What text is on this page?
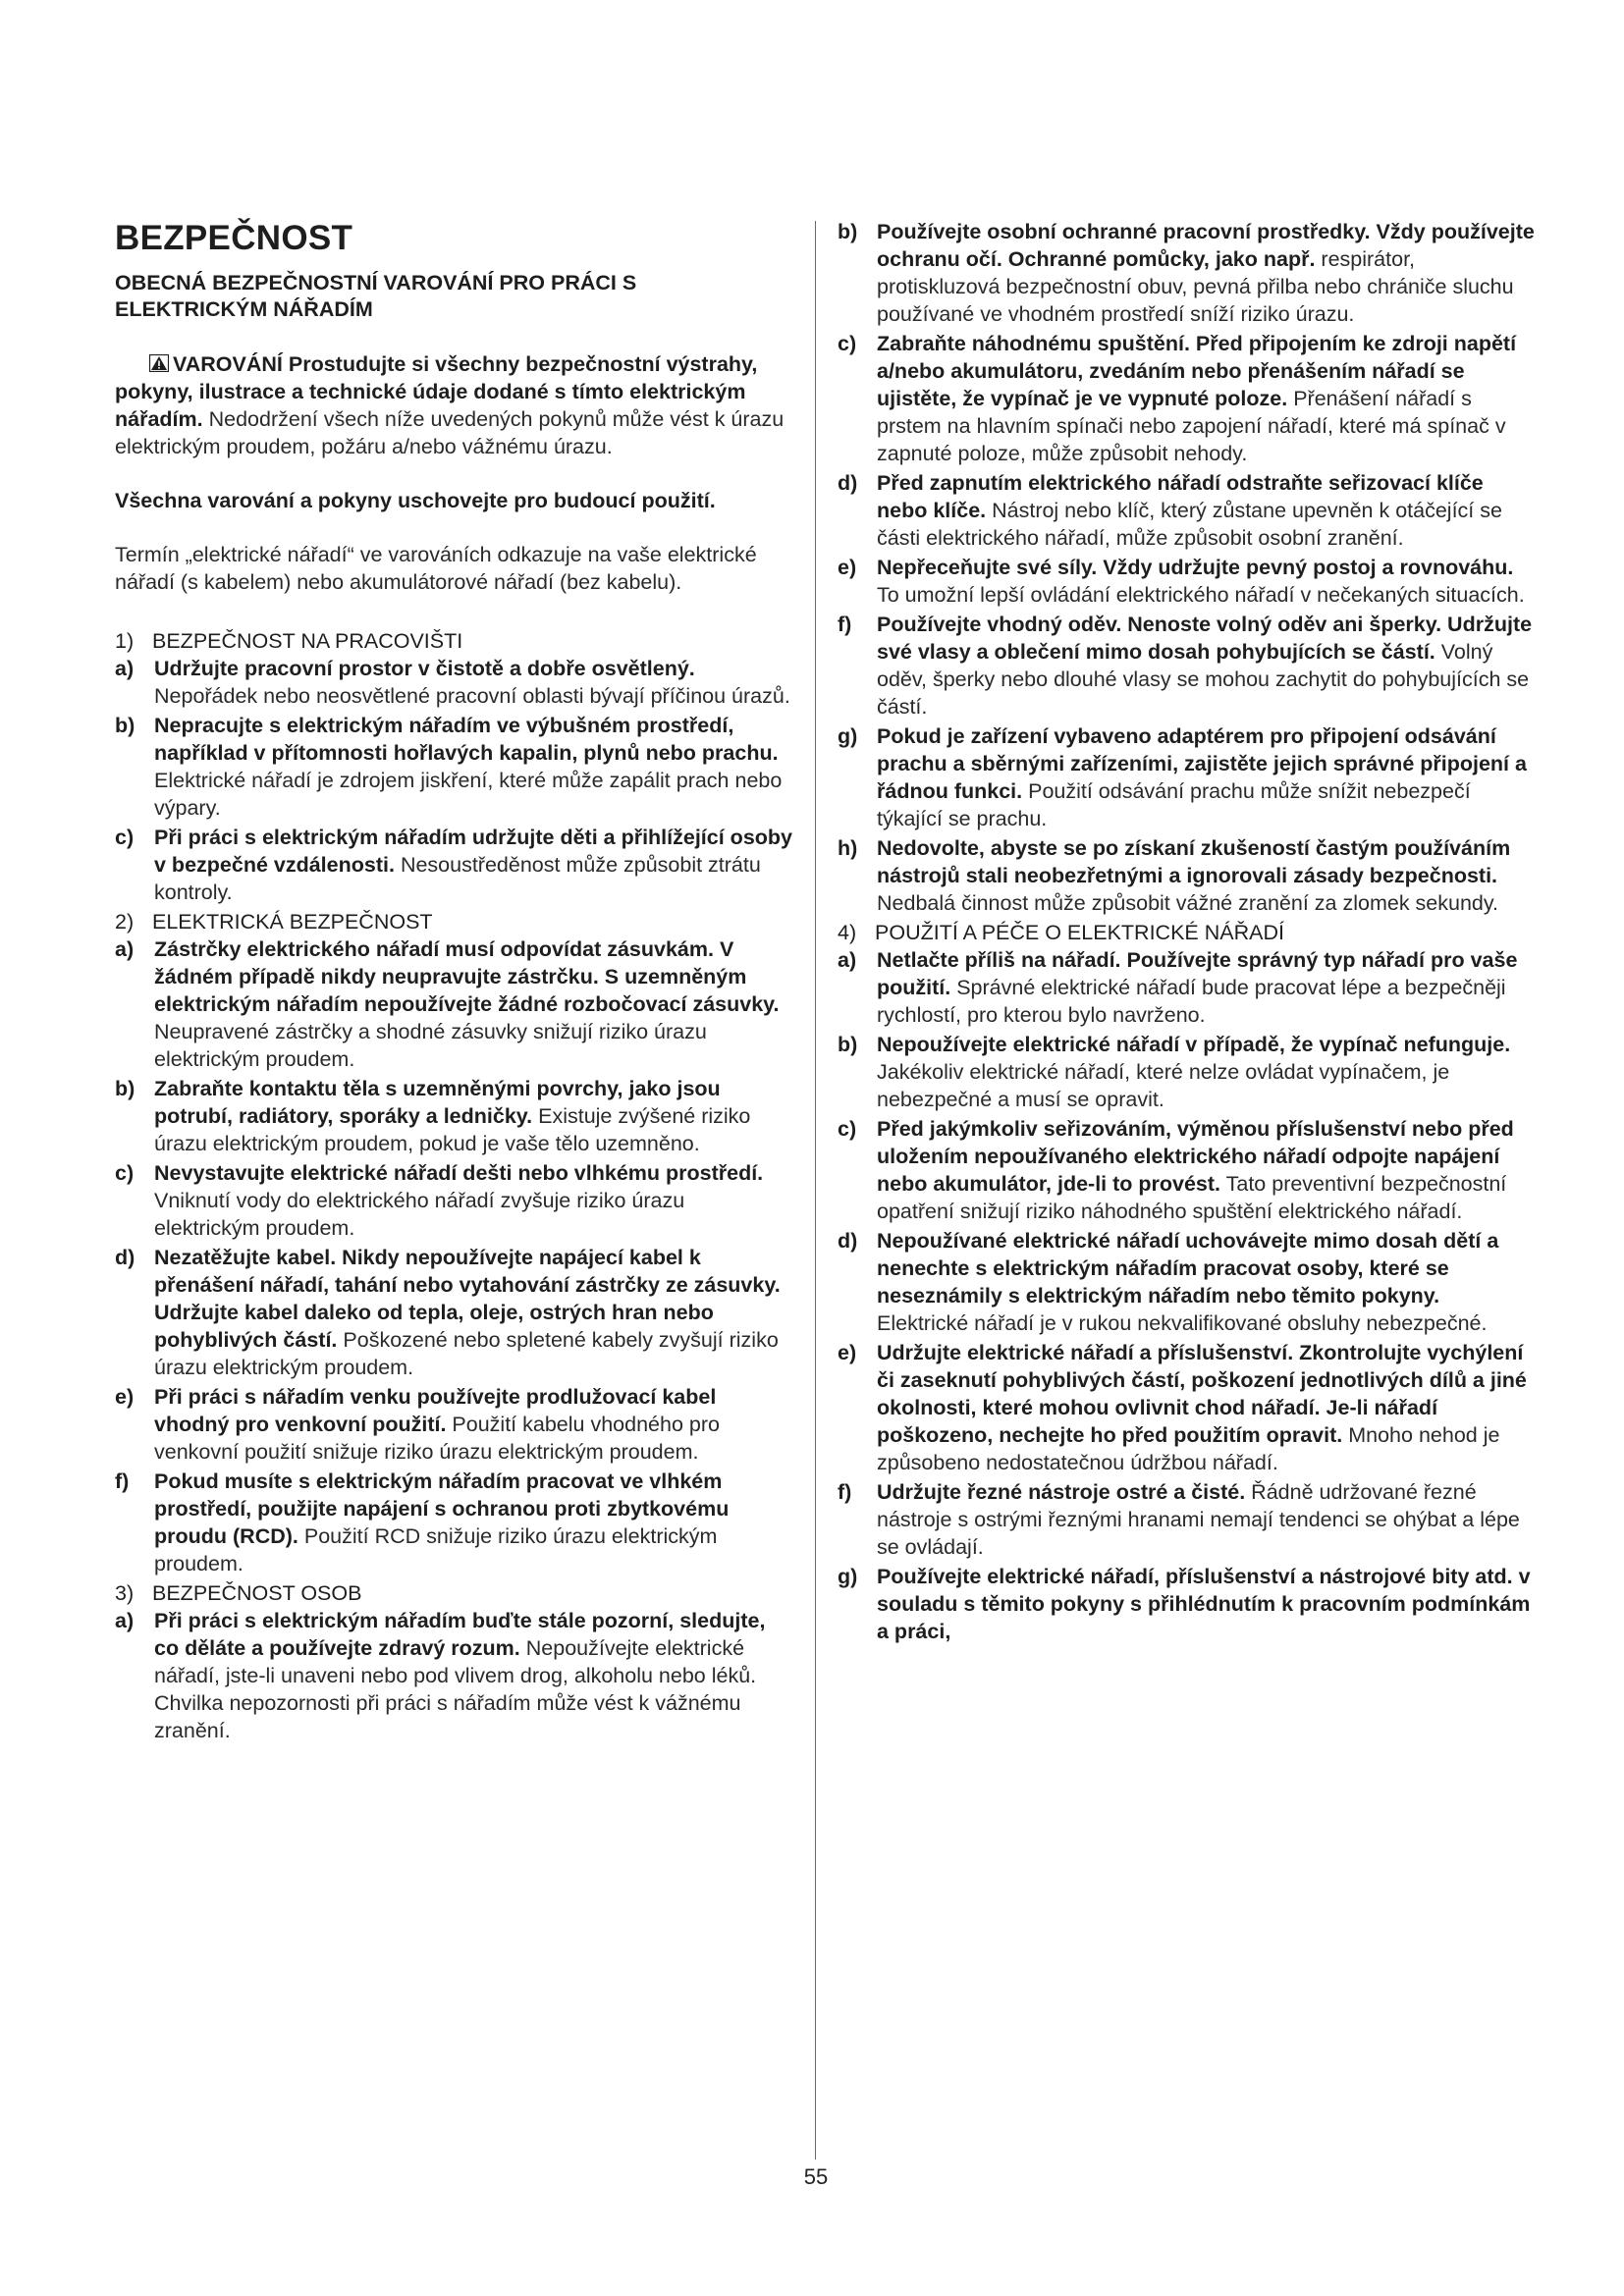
BEZPEČNOST
OBECNÁ BEZPEČNOSTNÍ VAROVÁNÍ PRO PRÁCI S ELEKTRICKÝM NÁŘADÍM
VAROVÁNÍ Prostudujte si všechny bezpečnostní výstrahy, pokyny, ilustrace a technické údaje dodané s tímto elektrickým nářadím. Nedodržení všech níže uvedených pokynů může vést k úrazu elektrickým proudem, požáru a/nebo vážnému úrazu.
Všechna varování a pokyny uschovejte pro budoucí použití.
Termín „elektrické nářadí“ ve varováních odkazuje na vaše elektrické nářadí (s kabelem) nebo akumulátorové nářadí (bez kabelu).
1) BEZPEČNOST NA PRACOVIŠTI
a) Udržujte pracovní prostor v čistotě a dobře osvětlený. Nepořádek nebo neosvětlené pracovní oblasti bývají příčinou úrazů.
b) Nepracujte s elektrickým nářadím ve výbušném prostředí, například v přítomnosti hořlavých kapalin, plynů nebo prachu. Elektrické nářadí je zdrojem jiskření, které může zapálit prach nebo výpary.
c) Při práci s elektrickým nářadím udržujte děti a přihlížející osoby v bezpečné vzdálenosti. Nesoustředěnost může způsobit ztrátu kontroly.
2) ELEKTRICKÁ BEZPEČNOST
a) Zástrčky elektrického nářadí musí odpovídat zásuvkám. V žádném případě nikdy neupravujte zástrčku. S uzemněným elektrickým nářadím nepoužívejte žádné rozbočovací zásuvky. Neupravené zástrčky a shodné zásuvky snižují riziko úrazu elektrickým proudem.
b) Zabraňte kontaktu těla s uzemněnými povrchy, jako jsou potrubí, radiátory, sporáky a ledničky. Existuje zvýšené riziko úrazu elektrickým proudem, pokud je vaše tělo uzemněno.
c) Nevystavujte elektrické nářadí dešti nebo vlhkému prostředí. Vniknutí vody do elektrického nářadí zvyšuje riziko úrazu elektrickým proudem.
d) Nezatěžujte kabel. Nikdy nepoužívejte napájecí kabel k přenášení nářadí, tahání nebo vytahování zástrčky ze zásuvky. Udržujte kabel daleko od tepla, oleje, ostrých hran nebo pohyblivých částí. Poškozené nebo spletené kabely zvyšují riziko úrazu elektrickým proudem.
e) Při práci s nářadím venku používejte prodlužovací kabel vhodný pro venkovní použití. Použití kabelu vhodného pro venkovní použití snižuje riziko úrazu elektrickým proudem.
f)	Pokud musíte s elektrickým nářadím pracovat ve vlhkém prostředí, použijte napájení s ochranou proti zbytkovému proudu (RCD). Použití RCD snižuje riziko úrazu elektrickým proudem.
3) BEZPEČNOST OSOB
a) Při práci s elektrickým nářadím buďte stále pozorní, sledujte, co děláte a používejte zdravý rozum. Nepoužívejte elektrické nářadí, jste-li unaveni nebo pod vlivem drog, alkoholu nebo léků. Chvilka nepozornosti při práci s nářadím může vést k vážnému zranění.
b) Používejte osobní ochranné pracovní prostředky. Vždy používejte ochranu očí. Ochranné pomůcky, jako např. respirátor, protiskluzová bezpečnostní obuv, pevná přilba nebo chrániče sluchu používané ve vhodném prostředí sníží riziko úrazu.
c) Zabraňte náhodnému spuštění. Před připojením ke zdroji napětí a/nebo akumulátoru, zvedáním nebo přenášením nářadí se ujistěte, že vypínač je ve vypnuté poloze. Přenášení nářadí s prstem na hlavním spínači nebo zapojení nářadí, které má spínač v zapnuté poloze, může způsobit nehody.
d) Před zapnutím elektrického nářadí odstraňte seřizovací klíče nebo klíče. Nástroj nebo klíč, který zůstane upevněn k otáčející se části elektrického nářadí, může způsobit osobní zranění.
e) Nepřeceňujte své síly. Vždy udržujte pevný postoj a rovnováhu. To umožní lepší ovládání elektrického nářadí v nečekaných situacích.
f)	Používejte vhodný oděv. Nenoste volný oděv ani šperky. Udržujte své vlasy a oblečení mimo dosah pohybujících se částí. Volný oděv, šperky nebo dlouhé vlasy se mohou zachytit do pohybujících se částí.
g) Pokud je zařízení vybaveno adaptérem pro připojení odsávání prachu a sběrnými zařízeními, zajistěte jejich správné připojení a řádnou funkci. Použití odsávání prachu může snížit nebezpečí týkající se prachu.
h) Nedovolte, abyste se po získaní zkušeností častým používáním nástrojů stali neobezřetnými a ignorovali zásady bezpečnosti. Nedbalá činnost může způsobit vážné zranění za zlomek sekundy.
4) POUŽITÍ A PÉČE O ELEKTRICKÉ NÁŘADÍ
a) Netlačte příliš na nářadí. Používejte správný typ nářadí pro vaše použití. Správné elektrické nářadí bude pracovat lépe a bezpečněji rychlostí, pro kterou bylo navrženo.
b) Nepoužívejte elektrické nářadí v případě, že vypínač nefunguje. Jakékoliv elektrické nářadí, které nelze ovládat vypínačem, je nebezpečné a musí se opravit.
c) Před jakýmkoliv seřizováním, výměnou příslušenství nebo před uložením nepoužívaného elektrického nářadí odpojte napájení nebo akumulátor, jde-li to provést. Tato preventivní bezpečnostní opatření snižují riziko náhodného spuštění elektrického nářadí.
d) Nepoužívané elektrické nářadí uchovávejte mimo dosah dětí a nenechte s elektrickým nářadím pracovat osoby, které se neseznámily s elektrickým nářadím nebo těmito pokyny. Elektrické nářadí je v rukou nekvalifikované obsluhy nebezpečné.
e) Udržujte elektrické nářadí a příslušenství. Zkontrolujte vychýlení či zaseknutí pohyblivých částí, poškození jednotlivých dílů a jiné okolnosti, které mohou ovlivnit chod nářadí. Je-li nářadí poškozeno, nechejte ho před použitím opravit. Mnoho nehod je způsobeno nedostatečnou údržbou nářadí.
f)	Udržujte řezné nástroje ostré a čisté. Řádně udržované řezné nástroje s ostrými řeznými hranami nemají tendenci se ohýbat a lépe se ovládají.
g) Používejte elektrické nářadí, příslušenství a nástrojové bity atd. v souladu s těmito pokyny s přihlédnutím k pracovním podmínkám a práci,
55
